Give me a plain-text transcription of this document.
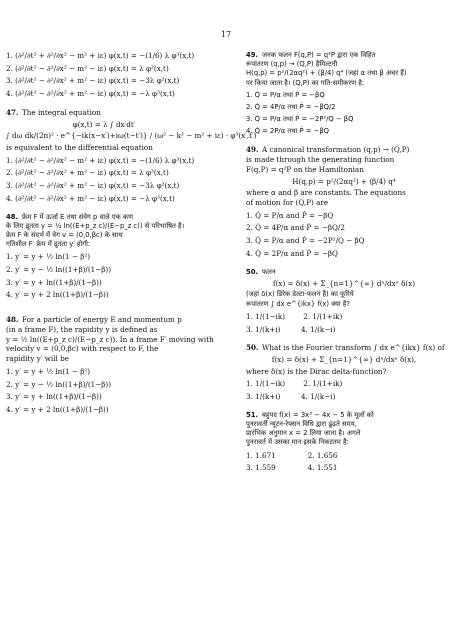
17
1. (∂²/∂t² + ∂²/∂x² − m² + iε) φ(x,t) = −(1/6) λ φ³(x,t)
2. (∂²/∂t² − ∂²/∂x² − m² − iε) φ(x,t) = λ φ²(x,t)
3. (∂²/∂t² − ∂²/∂x² + m² − iε) φ(x,t) = −3λ φ²(x,t)
4. (∂²/∂t² − ∂²/∂x² + m² − iε) φ(x,t) = −λ φ³(x,t)
47. The integral equation
φ(x,t) = λ ∫ dx′dt′
∫ dω dk/(2π)² · e^{−ik(x−x′)+iω(t−t′)} / (ω² − k² − m² + iε) · φ³(x′,t′)
is equivalent to the differential equation
1. (∂²/∂t² − ∂²/∂x² − m² + iε) φ(x,t) = −(1/6) λ φ³(x,t)
2. (∂²/∂t² − ∂²/∂x² + m² − iε) φ(x,t) = λ φ³(x,t)
3. (∂²/∂t² − ∂²/∂x² + m² − iε) φ(x,t) = −3λ φ²(x,t)
4. (∂²/∂t² − ∂²/∂x² + m² − iε) φ(x,t) = −λ φ³(x,t)
48. फ्रेम F में ऊर्जा E तथा संवेग p वाले एक कण
के लिए द्रुतता y = ½ ln((E+p_z c)/(E−p_z c)) से परिभाषित है।
फ्रेम F के संदर्भ में वेग v = (0,0,βc) के साथ
गतिशील F′ फ्रेम में द्रुतता y′ होगी:
1. y′ = y + ½ ln(1 − β²)
2. y′ = y − ½ ln((1+β)/(1−β))
3. y′ = y + ln((1+β)/(1−β))
4. y′ = y + 2 ln((1+β)/(1−β))
48. For a particle of energy E and momentum p
(in a frame F), the rapidity y is defined as
y = ½ ln((E+p_z c)/(E−p_z c)). In a frame F′ moving with
velocity v = (0,0,βc) with respect to F, the
rapidity y′ will be
1. y′ = y + ½ ln(1 − β²)
2. y′ = y − ½ ln((1+β)/(1−β))
3. y′ = y + ln((1+β)/(1−β))
4. y′ = y + 2 ln((1+β)/(1−β))
49. जनक फलन F(q,P) = q²P द्वारा एक विहित
रूपांतरण (q,p) → (Q,P) हैमिल्टनी
H(q,p) = p²/(2αq²) + (β/4) q⁴ (जहां α तथा β अचर हैं)
पर किया जाता है। (Q,P) का गति-समीकरण है:
1. Q̇ = P/α तथा Ṗ = −βQ
2. Q̇ = 4P/α तथा Ṗ = −βQ/2
3. Q̇ = P/α तथा Ṗ = −2P²/Q − βQ
4. Q̇ = 2P/α तथा Ṗ = −βQ
49. A canonical transformation (q,p) → (Q,P)
is made through the generating function
F(q,P) = q²P on the Hamiltonian
H(q,p) = p²/(2αq²) + (β/4) q⁴
where α and β are constants. The equations
of motion for (Q,P) are
1. Q̇ = P/α and Ṗ = −βQ
2. Q̇ = 4P/α and Ṗ = −βQ/2
3. Q̇ = P/α and Ṗ = −2P²/Q − βQ
4. Q̇ = 2P/α and Ṗ = −βQ
50. फलन
f(x) = δ(x) + Σ_{n=1}^{∞} dⁿ/dxⁿ δ(x)
(जहां δ(x) डिरेक डेल्टा-फलन है) का फूरिये
रूपांतरण ∫ dx e^{ikx} f(x) क्या है?
1. 1/(1−ik)	2. 1/(1+ik)
3. 1/(k+i)	4. 1/(k−i)
50. What is the Fourier transform ∫ dx e^{ikx} f(x) of
f(x) = δ(x) + Σ_{n=1}^{∞} dⁿ/dxⁿ δ(x),
where δ(x) is the Dirac delta-function?
1. 1/(1−ik)	2. 1/(1+ik)
3. 1/(k+i)	4. 1/(k−i)
51. बहुपद f(x) = 3x³ − 4x − 5 के मूलों को
पुनरावर्ती न्यूटन-रेफ्सन विधि द्वारा ढूंढते समय,
प्रारंभिक अनुमान x = 2 लिया जाता है। अगले
पुनरावर्त में उसका मान इसके निकटतम है:
1. 1.671	2. 1.656
3. 1.559	4. 1.551
